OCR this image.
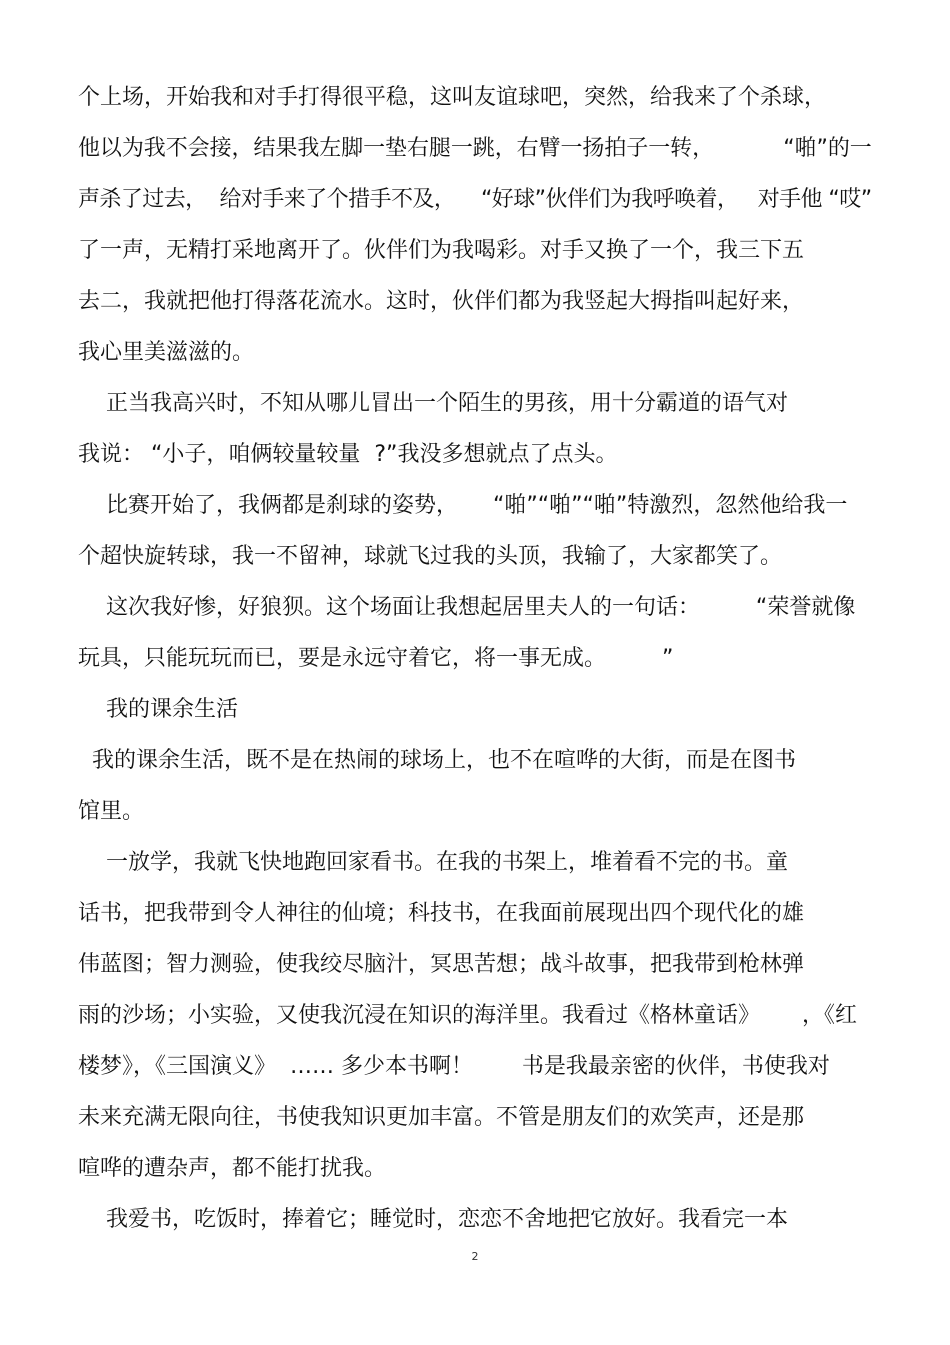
个上场，开始我和对手打得很平稳，这叫友谊球吧，突然，给我来了个杀球，
他以为我不会接，结果我左脚一垫右腿一跳，右臂一扬拍子一转，          “啪”的一
声杀了过去，  给对手来了个措手不及，    “好球”伙伴们为我呼唤着，   对手他 “哎”
了一声，无精打采地离开了。伙伴们为我喝彩。对手又换了一个，我三下五
去二，我就把他打得落花流水。这时，伙伴们都为我竖起大拇指叫起好来，
我心里美滋滋的。
正当我高兴时，不知从哪儿冒出一个陌生的男孩，用十分霸道的语气对
我说： “小子，咱俩较量较量  ?”我没多想就点了点头。
比赛开始了，我俩都是刹球的姿势，     “啪”“啪”“啪”特激烈，忽然他给我一
个超快旋转球，我一不留神，球就飞过我的头顶，我输了，大家都笑了。
这次我好惨，好狼狈。这个场面让我想起居里夫人的一句话：        “荣誉就像
玩具，只能玩玩而已，要是永远守着它，将一事无成。        ”
我的课余生活
我的课余生活，既不是在热闹的球场上，也不在喧哗的大街，而是在图书
馆里。
一放学，我就飞快地跑回家看书。在我的书架上，堆着看不完的书。童
话书，把我带到令人神往的仙境；科技书，在我面前展现出四个现代化的雄
伟蓝图；智力测验，使我绞尽脑汁，冥思苦想；战斗故事，把我带到枪林弹
雨的沙场；小实验，又使我沉浸在知识的海洋里。我看过《格林童话》      ，《红
楼梦》，《三国演义》  …… 多少本书啊！       书是我最亲密的伙伴，书使我对
未来充满无限向往，书使我知识更加丰富。不管是朋友们的欢笑声，还是那
喧哗的遭杂声，都不能打扰我。
我爱书，吃饭时，捧着它；睡觉时，恋恋不舍地把它放好。我看完一本
2
